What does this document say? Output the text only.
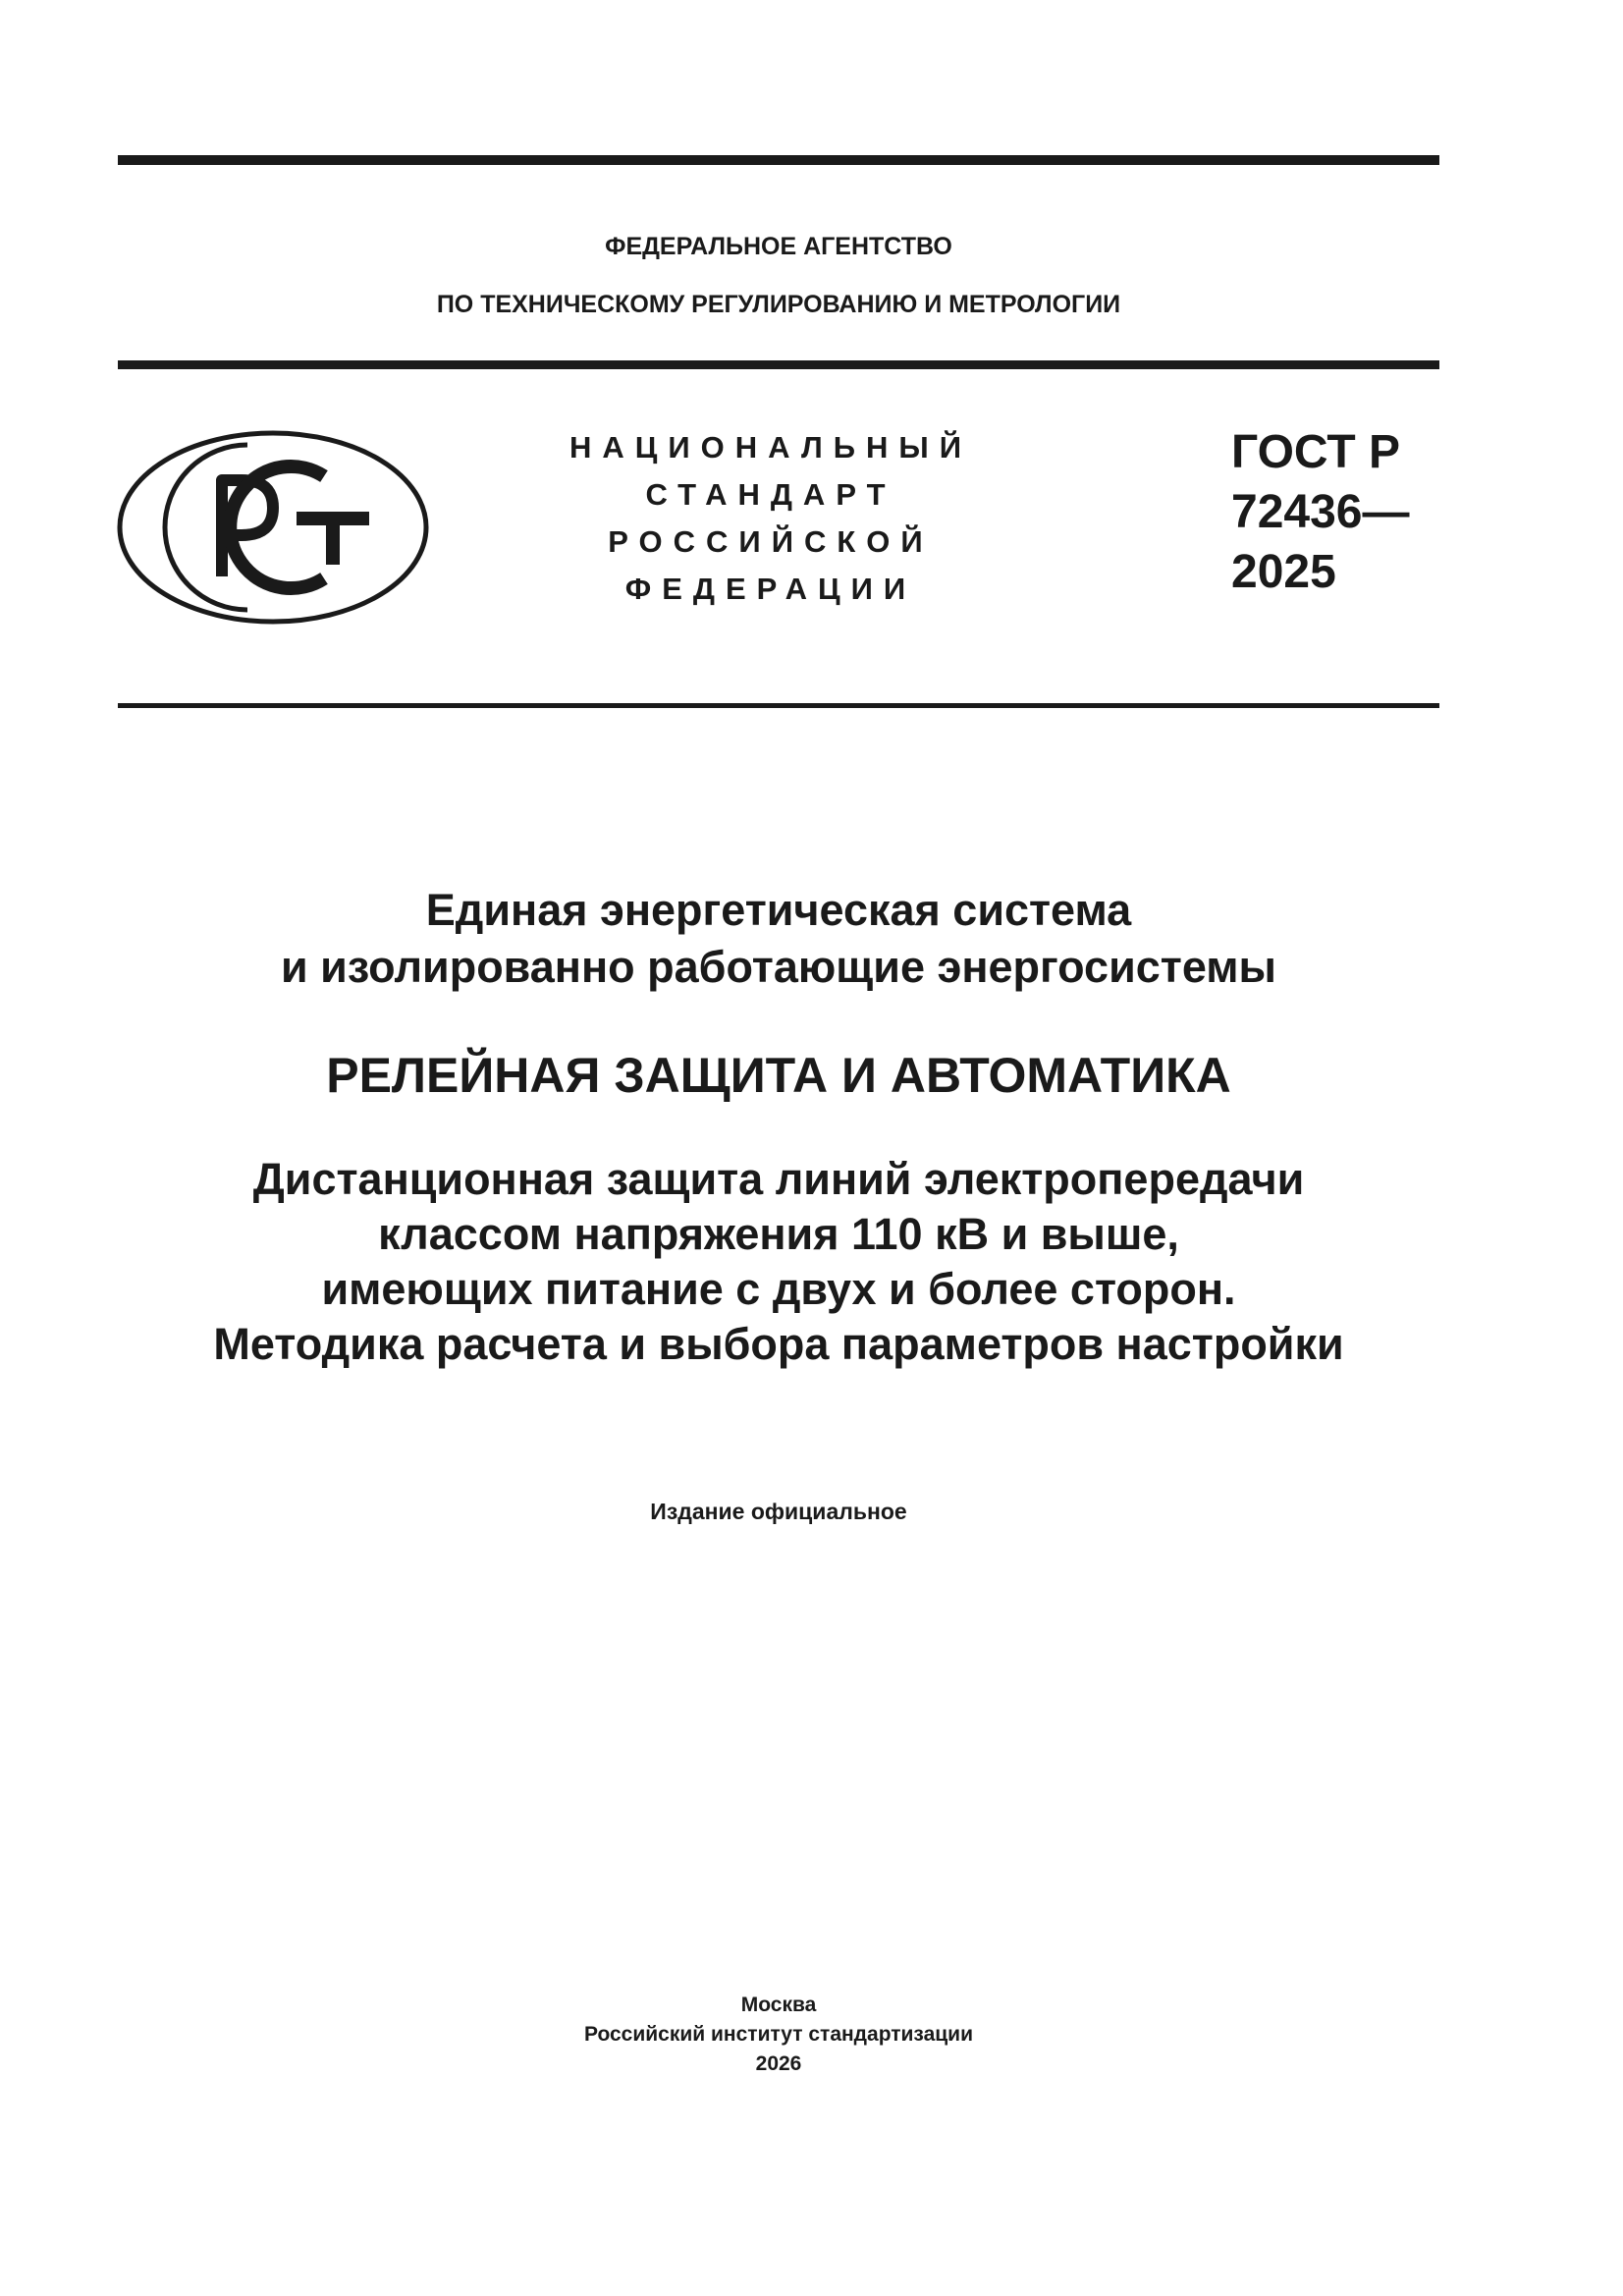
ФЕДЕРАЛЬНОЕ АГЕНТСТВО
ПО ТЕХНИЧЕСКОМУ РЕГУЛИРОВАНИЮ И МЕТРОЛОГИИ
НАЦИОНАЛЬНЫЙ
СТАНДАРТ
РОССИЙСКОЙ
ФЕДЕРАЦИИ
ГОСТ Р
72436—
2025
Единая энергетическая система
и изолированно работающие энергосистемы
РЕЛЕЙНАЯ ЗАЩИТА И АВТОМАТИКА
Дистанционная защита линий электропередачи
классом напряжения 110 кВ и выше,
имеющих питание с двух и более сторон.
Методика расчета и выбора параметров настройки
Издание официальное
Москва
Российский институт стандартизации
2026
